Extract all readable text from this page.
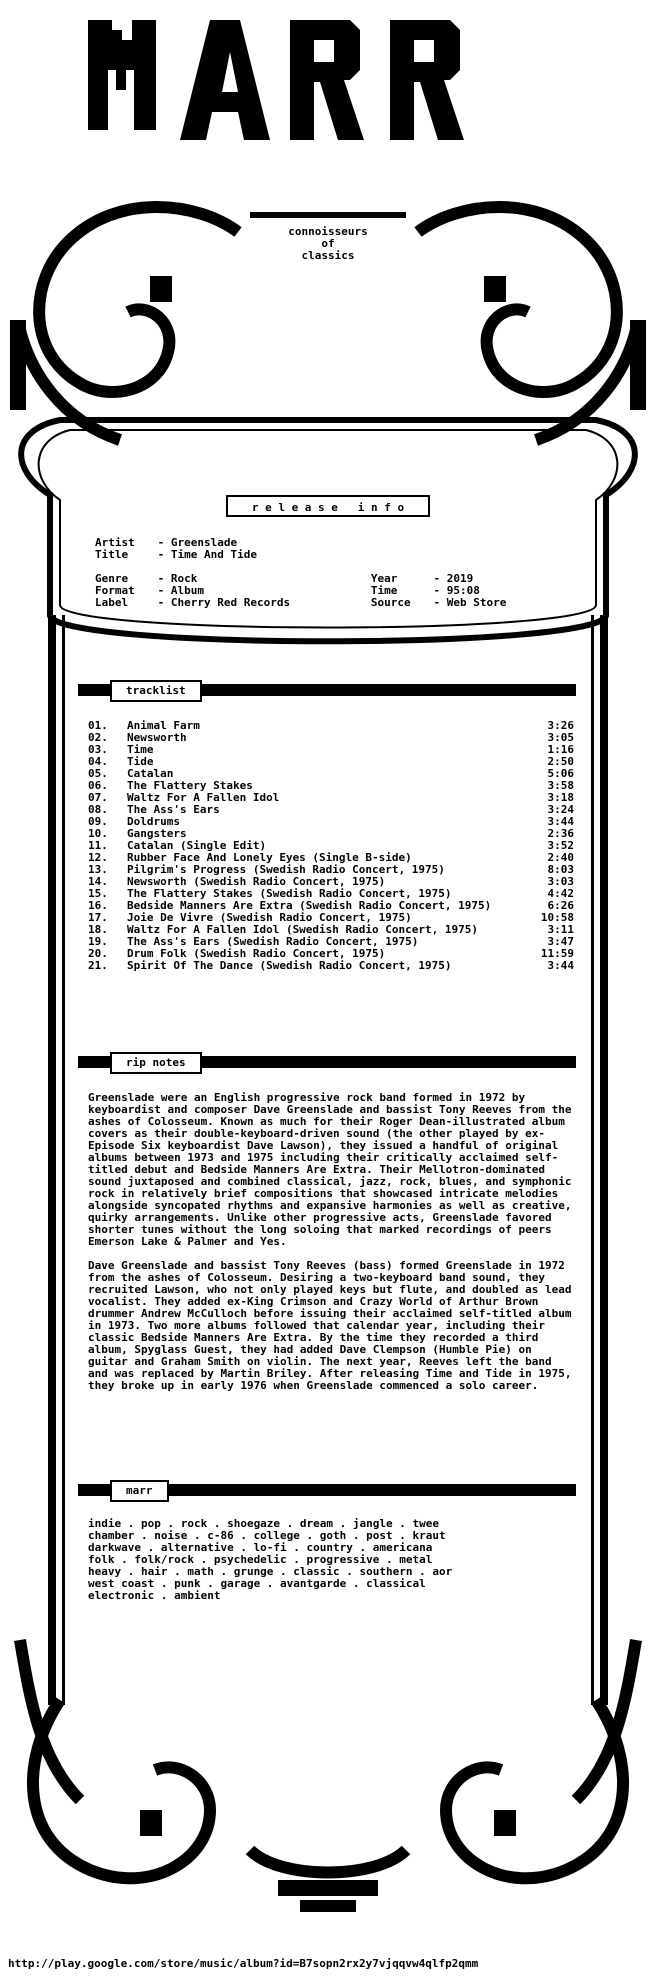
connoisseurs
of
classics
r e l e a s e   i n f o
Artist - Greenslade
Title - Time And Tide
Genre - Rock	Year	- 2019
Format - Album	Time	- 95:08
Label - Cherry Red Records	Source - Web Store
tracklist
01.	Animal Farm	3:26
02.	Newsworth	3:05
03.	Time	1:16
04.	Tide	2:50
05.	Catalan	5:06
06.	The Flattery Stakes	3:58
07.	Waltz For A Fallen Idol	3:18
08.	The Ass's Ears	3:24
09.	Doldrums	3:44
10.	Gangsters	2:36
11.	Catalan (Single Edit)	3:52
12.	Rubber Face And Lonely Eyes (Single B-side)	2:40
13.	Pilgrim's Progress (Swedish Radio Concert, 1975)	8:03
14.	Newsworth (Swedish Radio Concert, 1975)	3:03
15.	The Flattery Stakes (Swedish Radio Concert, 1975)	4:42
16.	Bedside Manners Are Extra (Swedish Radio Concert, 1975)	6:26
17.	Joie De Vivre (Swedish Radio Concert, 1975)	10:58
18.	Waltz For A Fallen Idol (Swedish Radio Concert, 1975)	3:11
19.	The Ass's Ears (Swedish Radio Concert, 1975)	3:47
20.	Drum Folk (Swedish Radio Concert, 1975)	11:59
21.	Spirit Of The Dance (Swedish Radio Concert, 1975)	3:44
rip notes

Greenslade were an English progressive rock band formed in 1972 by keyboardist and composer Dave Greenslade and bassist Tony Reeves from the ashes of Colosseum. Known as much for their Roger Dean-illustrated album covers as their double-keyboard-driven sound (the other played by ex-Episode Six keyboardist Dave Lawson), they issued a handful of original albums between 1973 and 1975 including their critically acclaimed self-titled debut and Bedside Manners Are Extra. Their Mellotron-dominated sound juxtaposed and combined classical, jazz, rock, blues, and symphonic rock in relatively brief compositions that showcased intricate melodies alongside syncopated rhythms and expansive harmonies as well as creative, quirky arrangements. Unlike other progressive acts, Greenslade favored shorter tunes without the long soloing that marked recordings of peers Emerson Lake & Palmer and Yes.

Dave Greenslade and bassist Tony Reeves (bass) formed Greenslade in 1972 from the ashes of Colosseum. Desiring a two-keyboard band sound, they recruited Lawson, who not only played keys but flute, and doubled as lead vocalist. They added ex-King Crimson and Crazy World of Arthur Brown drummer Andrew McCulloch before issuing their acclaimed self-titled album in 1973. Two more albums followed that calendar year, including their classic Bedside Manners Are Extra. By the time they recorded a third album, Spyglass Guest, they had added Dave Clempson (Humble Pie) on guitar and Graham Smith on violin. The next year, Reeves left the band and was replaced by Martin Briley. After releasing Time and Tide in 1975, they broke up in early 1976 when Greenslade commenced a solo career.

marr
indie . pop . rock . shoegaze . dream . jangle . twee
chamber . noise . c-86 . college . goth . post . kraut
darkwave . alternative . lo-fi . country . americana
folk . folk/rock . psychedelic . progressive . metal
heavy . hair . math . grunge . classic . southern . aor
west coast . punk . garage . avantgarde . classical
electronic . ambient
http://play.google.com/store/music/album?id=B7sopn2rx2y7vjqqvw4qlfp2qmm
